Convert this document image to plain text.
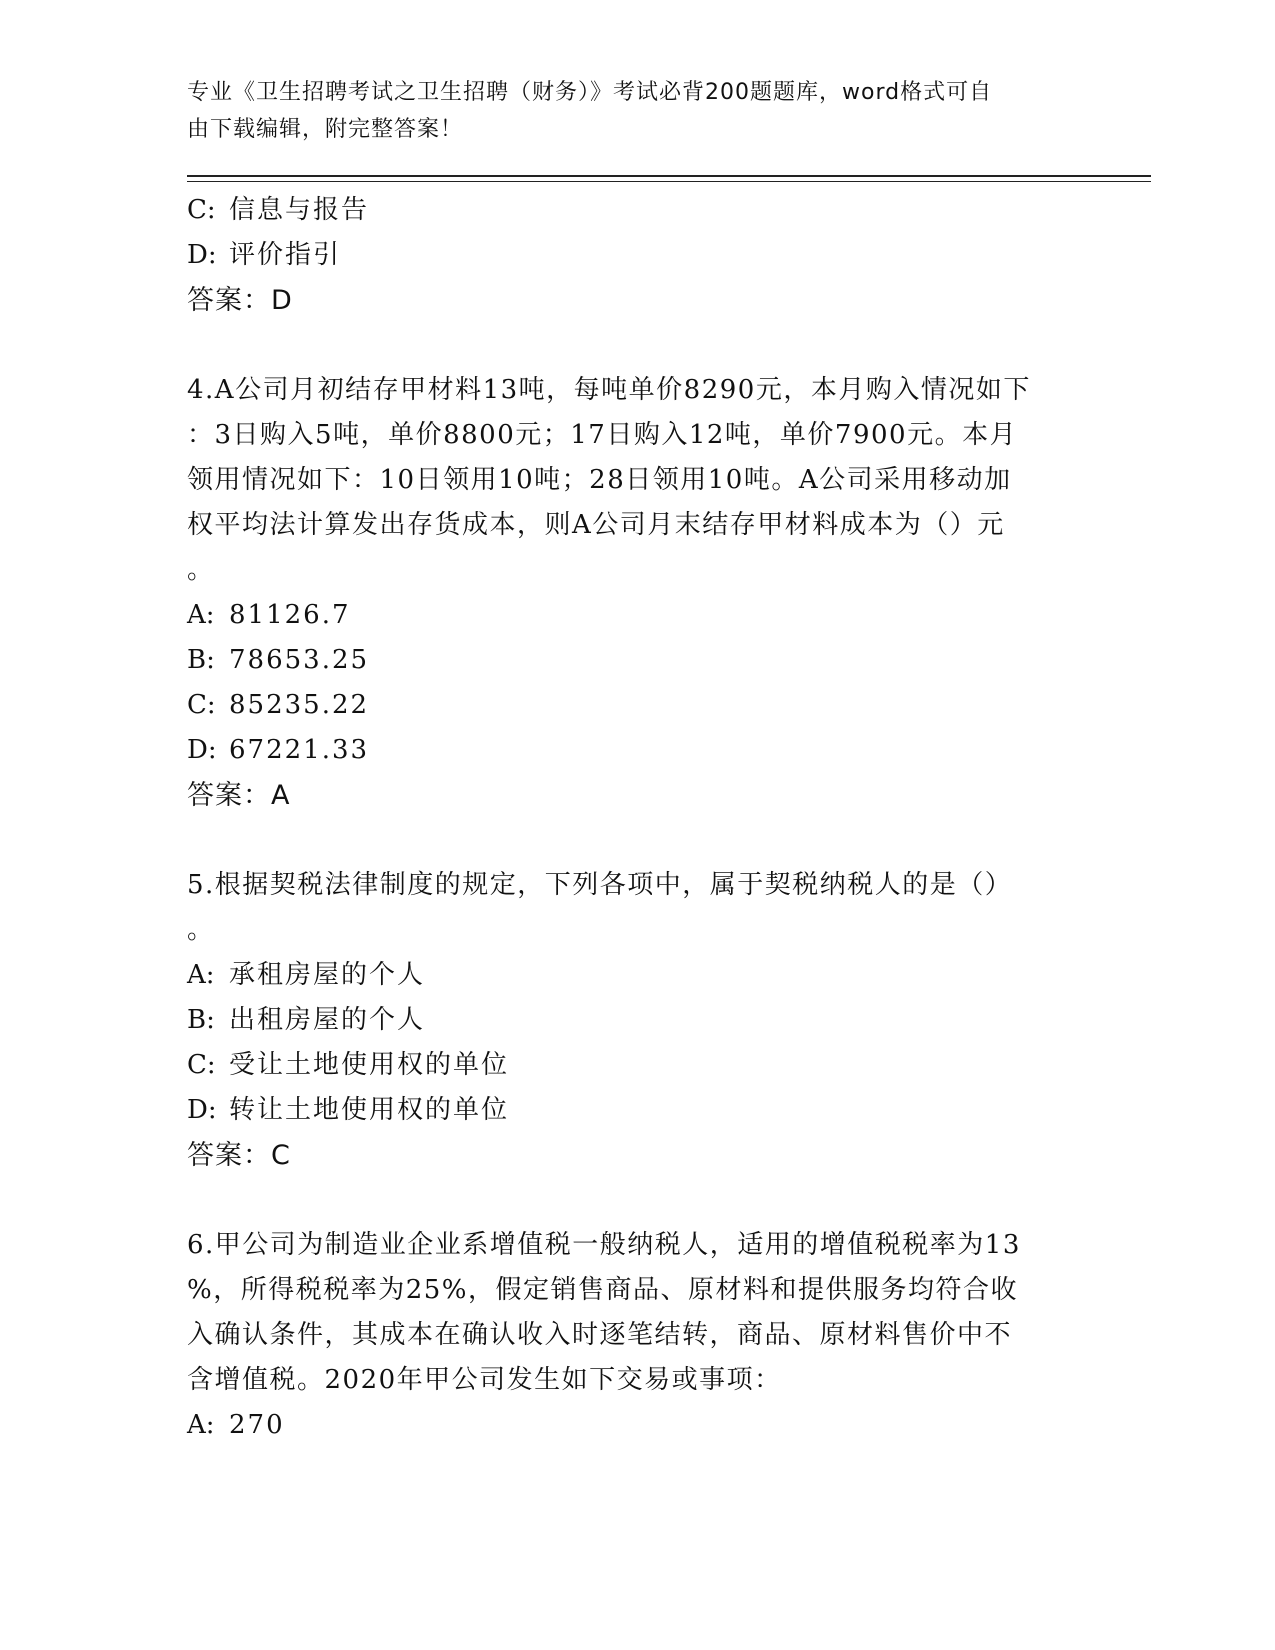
专业《卫生招聘考试之卫生招聘（财务）》考试必背200题题库，word格式可自
由下载编辑，附完整答案！
C: 信息与报告
D: 评价指引
答案：D
4.A公司月初结存甲材料13吨，每吨单价8290元，本月购入情况如下
：3日购入5吨，单价8800元；17日购入12吨，单价7900元。本月
领用情况如下：10日领用10吨；28日领用10吨。A公司采用移动加
权平均法计算发出存货成本，则A公司月末结存甲材料成本为（）元
。
A: 81126.7
B: 78653.25
C: 85235.22
D: 67221.33
答案：A
5.根据契税法律制度的规定，下列各项中，属于契税纳税人的是（）
。
A: 承租房屋的个人
B: 出租房屋的个人
C: 受让土地使用权的单位
D: 转让土地使用权的单位
答案：C
6.甲公司为制造业企业系增值税一般纳税人，适用的增值税税率为13
%，所得税税率为25%，假定销售商品、原材料和提供服务均符合收
入确认条件，其成本在确认收入时逐笔结转，商品、原材料售价中不
含增值税。2020年甲公司发生如下交易或事项：
A: 270
